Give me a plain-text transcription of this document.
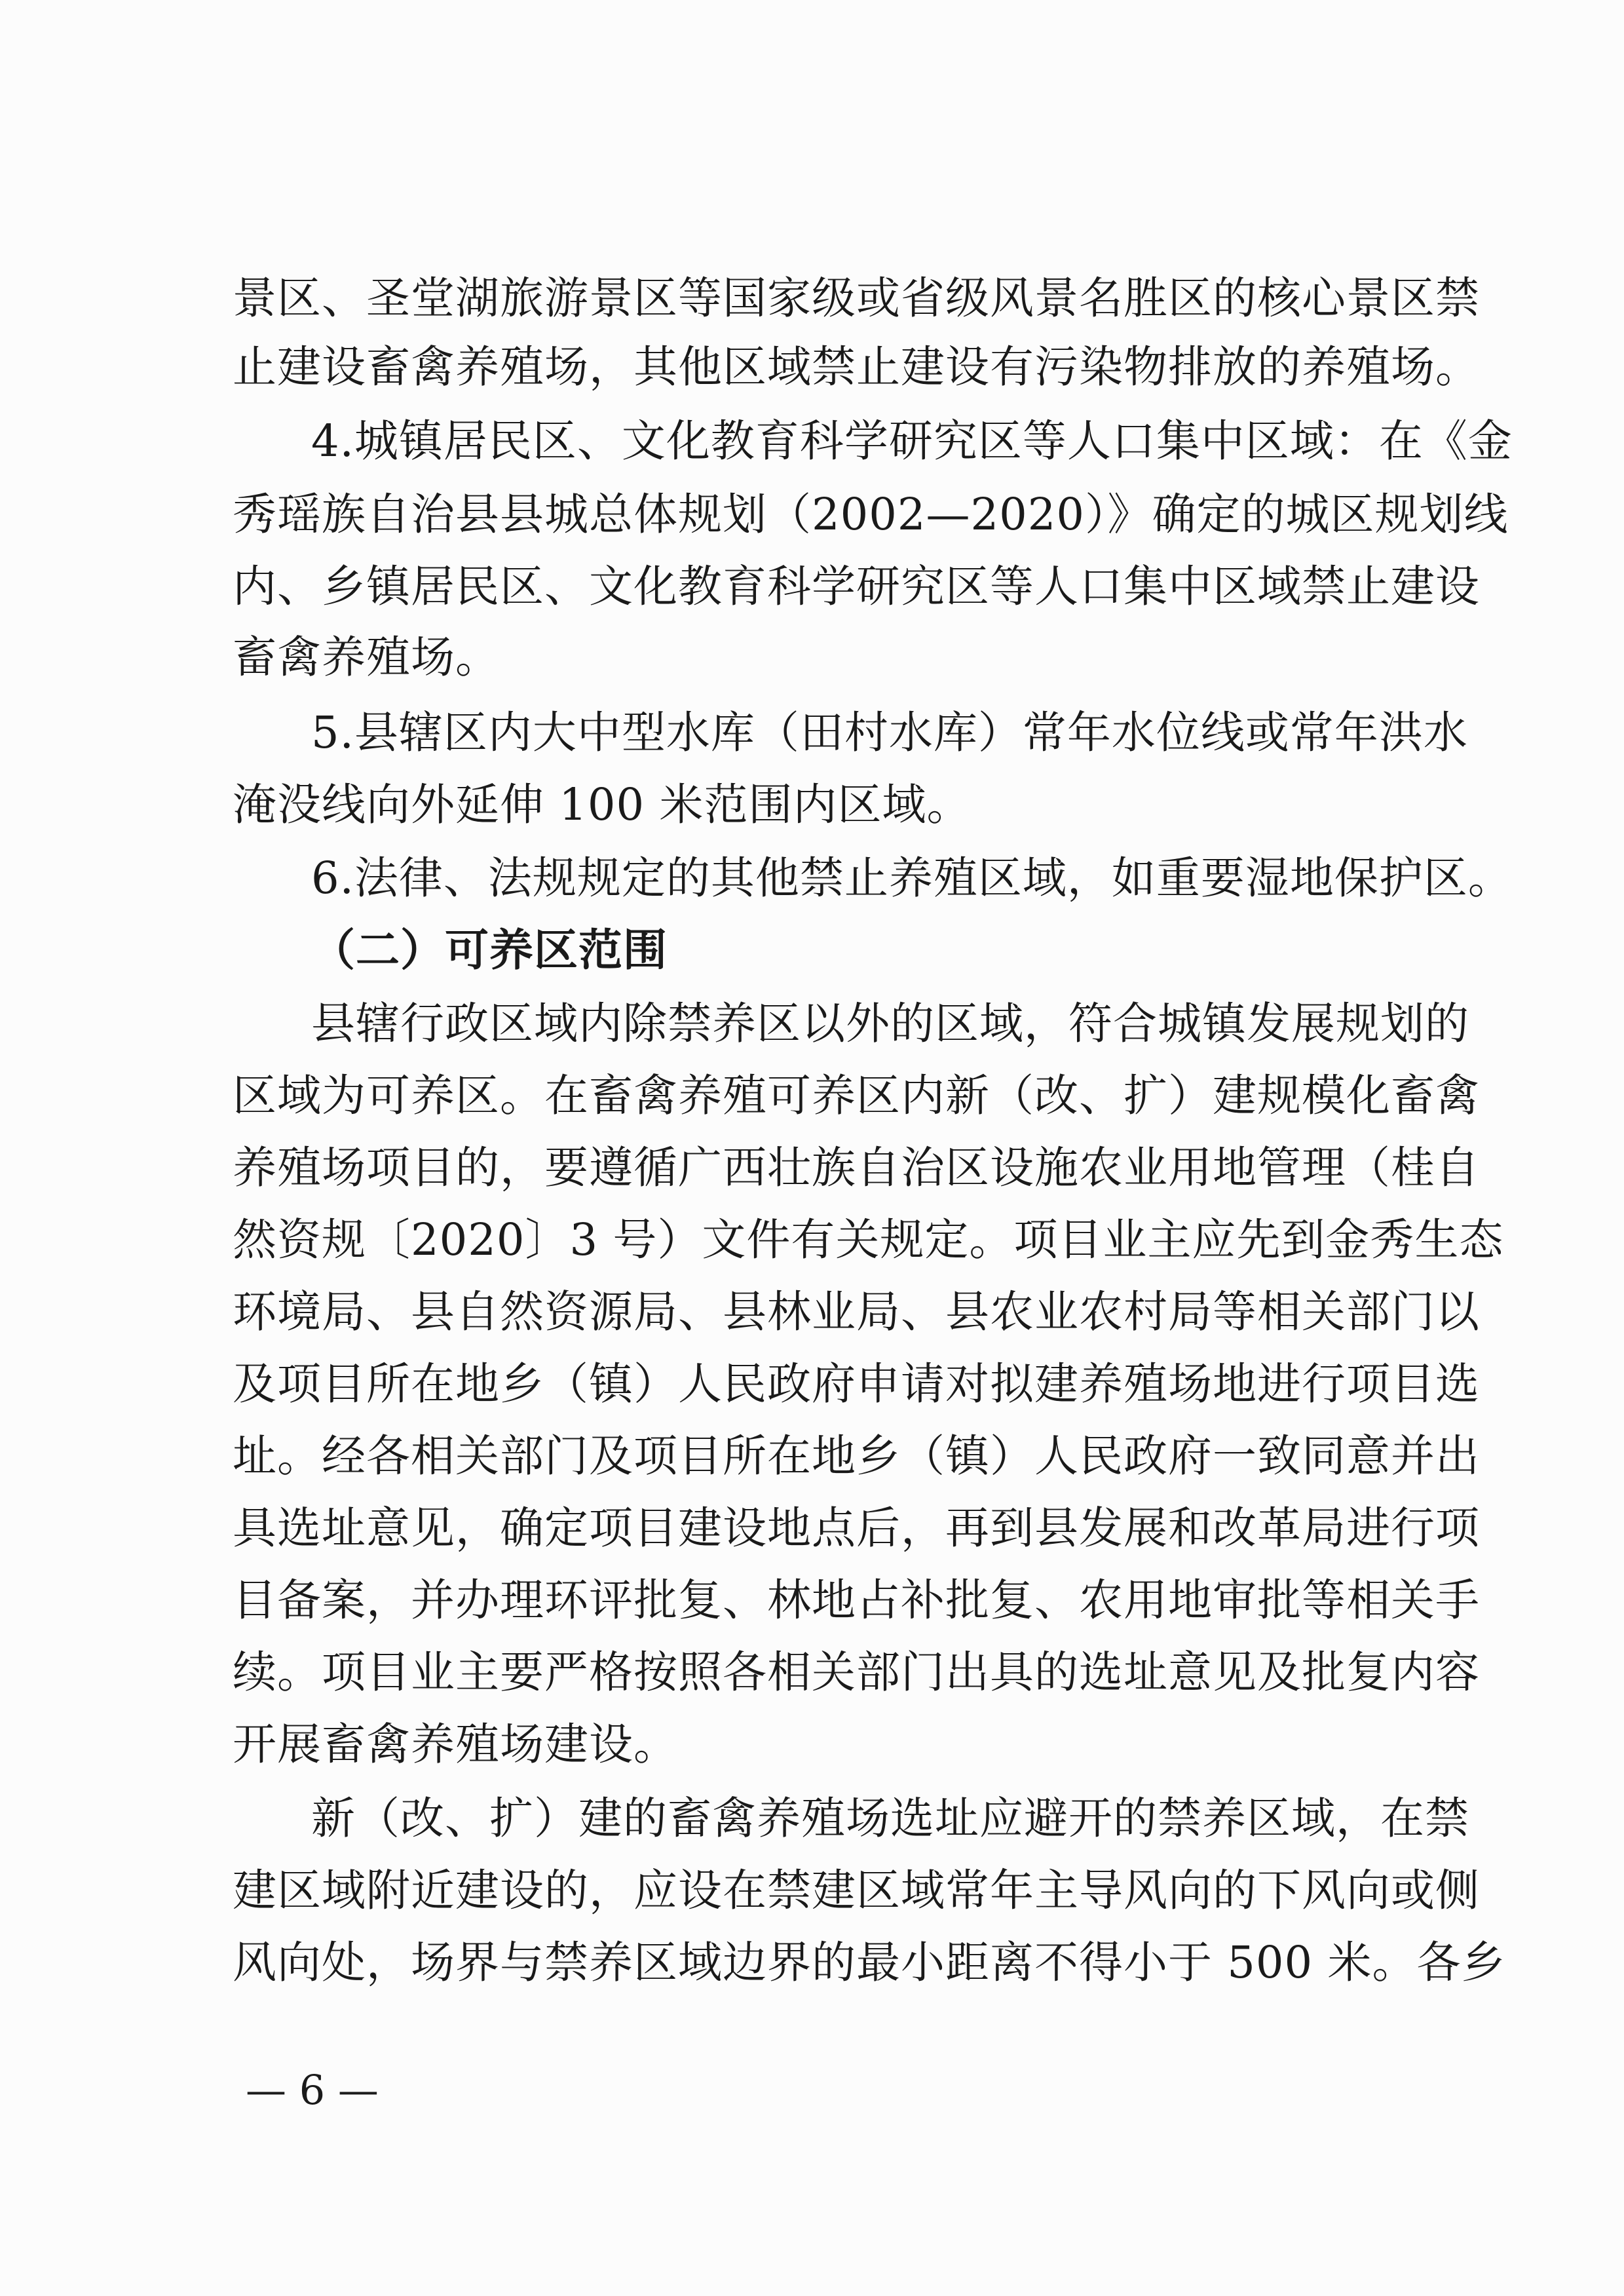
景区、圣堂湖旅游景区等国家级或省级风景名胜区的核心景区禁
止建设畜禽养殖场，其他区域禁止建设有污染物排放的养殖场。
4.城镇居民区、文化教育科学研究区等人口集中区域：在《金
秀瑶族自治县县城总体规划（2002—2020）》确定的城区规划线
内、乡镇居民区、文化教育科学研究区等人口集中区域禁止建设
畜禽养殖场。
5.县辖区内大中型水库（田村水库）常年水位线或常年洪水
淹没线向外延伸 100 米范围内区域。
6.法律、法规规定的其他禁止养殖区域，如重要湿地保护区。
（二）可养区范围
县辖行政区域内除禁养区以外的区域，符合城镇发展规划的
区域为可养区。在畜禽养殖可养区内新（改、扩）建规模化畜禽
养殖场项目的，要遵循广西壮族自治区设施农业用地管理（桂自
然资规〔2020〕3 号）文件有关规定。项目业主应先到金秀生态
环境局、县自然资源局、县林业局、县农业农村局等相关部门以
及项目所在地乡（镇）人民政府申请对拟建养殖场地进行项目选
址。经各相关部门及项目所在地乡（镇）人民政府一致同意并出
具选址意见，确定项目建设地点后，再到县发展和改革局进行项
目备案，并办理环评批复、林地占补批复、农用地审批等相关手
续。项目业主要严格按照各相关部门出具的选址意见及批复内容
开展畜禽养殖场建设。
新（改、扩）建的畜禽养殖场选址应避开的禁养区域，在禁
建区域附近建设的，应设在禁建区域常年主导风向的下风向或侧
风向处，场界与禁养区域边界的最小距离不得小于 500 米。各乡
— 6 —
